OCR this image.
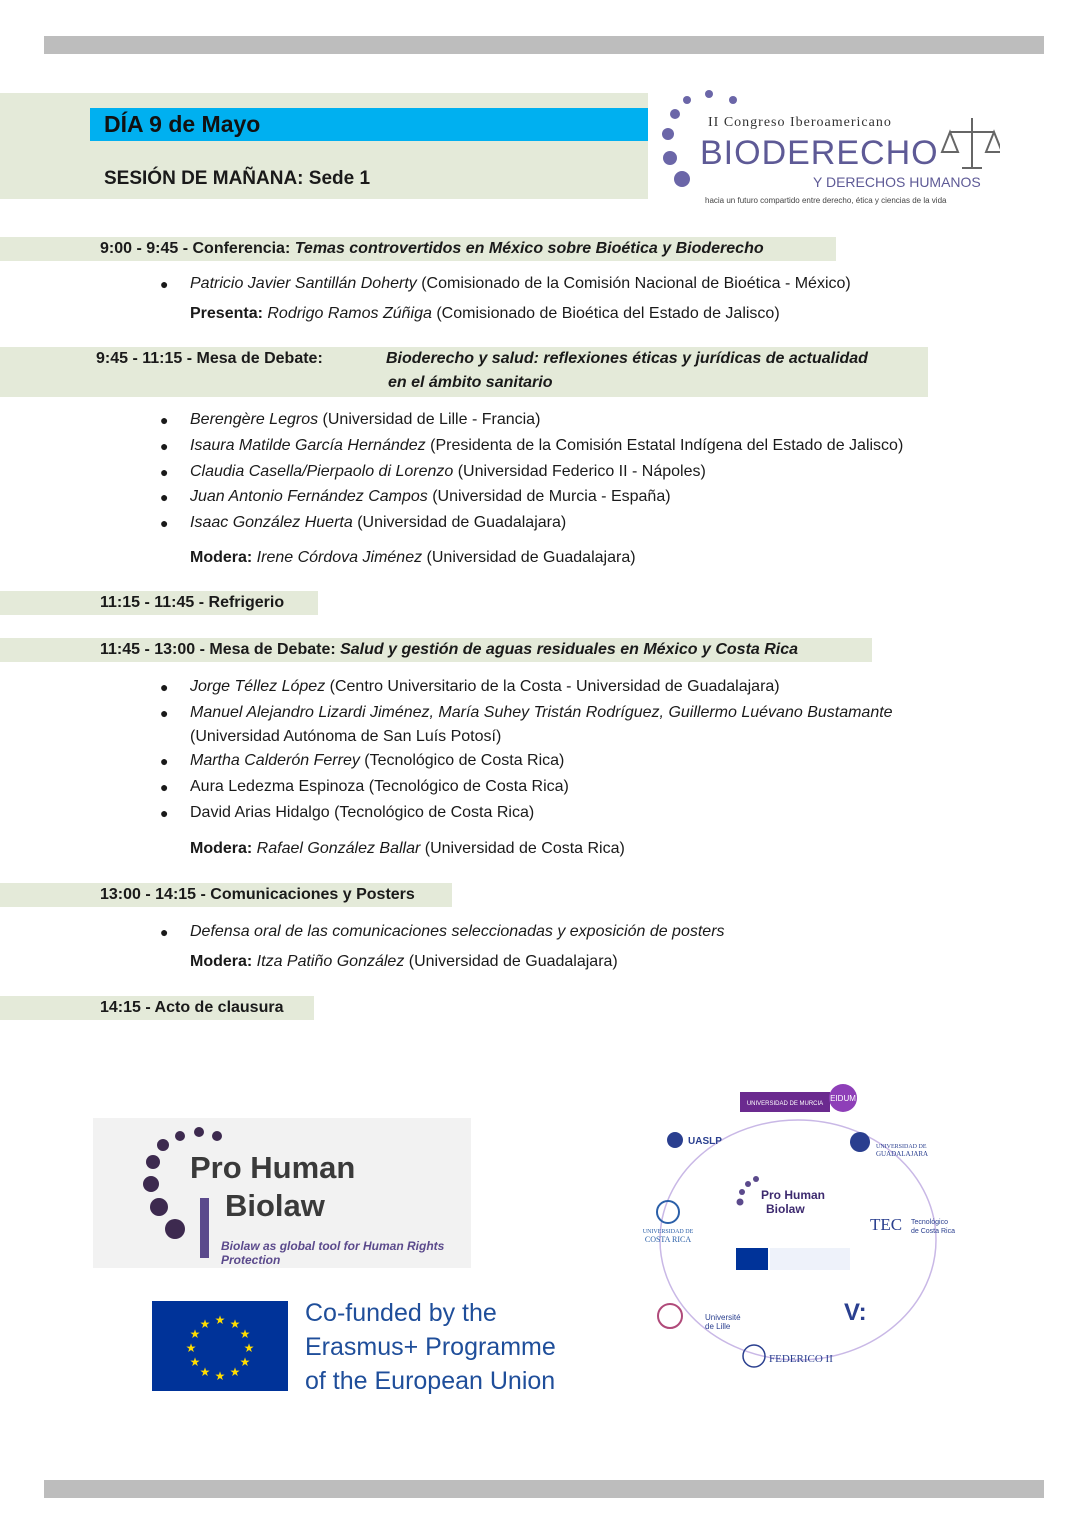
DÍA 9 de Mayo
SESIÓN DE MAÑANA: Sede 1
II Congreso Iberoamericano
BIODERECHO
Y DERECHOS HUMANOS
hacia un futuro compartido entre derecho, ética y ciencias de la vida
9:00 - 9:45 - Conferencia: Temas controvertidos en México sobre Bioética y Bioderecho
● Patricio Javier Santillán Doherty (Comisionado de la Comisión Nacional de Bioética - México)
Presenta: Rodrigo Ramos Zúñiga (Comisionado de Bioética del Estado de Jalisco)
9:45 - 11:15 - Mesa de Debate:	Bioderecho y salud: reflexiones éticas y jurídicas de actualidad
en el ámbito sanitario
● Berengère Legros (Universidad de Lille - Francia)
● Isaura Matilde García Hernández (Presidenta de la Comisión Estatal Indígena del Estado de Jalisco)
● Claudia Casella/Pierpaolo di Lorenzo (Universidad Federico II - Nápoles)
● Juan Antonio Fernández Campos (Universidad de Murcia - España)
● Isaac González Huerta (Universidad de Guadalajara)
Modera: Irene Córdova Jiménez (Universidad de Guadalajara)
11:15 - 11:45 - Refrigerio
11:45 - 13:00 - Mesa de Debate: Salud y gestión de aguas residuales en México y Costa Rica
● Jorge Téllez López (Centro Universitario de la Costa - Universidad de Guadalajara)
● Manuel Alejandro Lizardi Jiménez, María Suhey Tristán Rodríguez, Guillermo Luévano Bustamante
(Universidad Autónoma de San Luís Potosí)
● Martha Calderón Ferrey (Tecnológico de Costa Rica)
● Aura Ledezma Espinoza (Tecnológico de Costa Rica)
● David Arias Hidalgo (Tecnológico de Costa Rica)
Modera: Rafael González Ballar (Universidad de Costa Rica)
13:00 - 14:15 - Comunicaciones y Posters
● Defensa oral de las comunicaciones seleccionadas y exposición de posters
Modera: Itza Patiño González (Universidad de Guadalajara)
14:15 - Acto de clausura
Pro Human
Biolaw
Biolaw as global tool for Human Rights Protection
★ ★
★
★
★
★
★
★
★
★
★
★	Co-funded by the
Erasmus+ Programme
of the European Union
UNIVERSIDAD DE MURCIA
EIDUM
UASLP	UNIVERSIDAD DE
GUADALAJARA
UNIVERSIDAD DE
COSTA RICA
Pro Human
Biolaw
TEC Tecnológico
de Costa Rica
Université
de Lille
V:
FEDERICO II
